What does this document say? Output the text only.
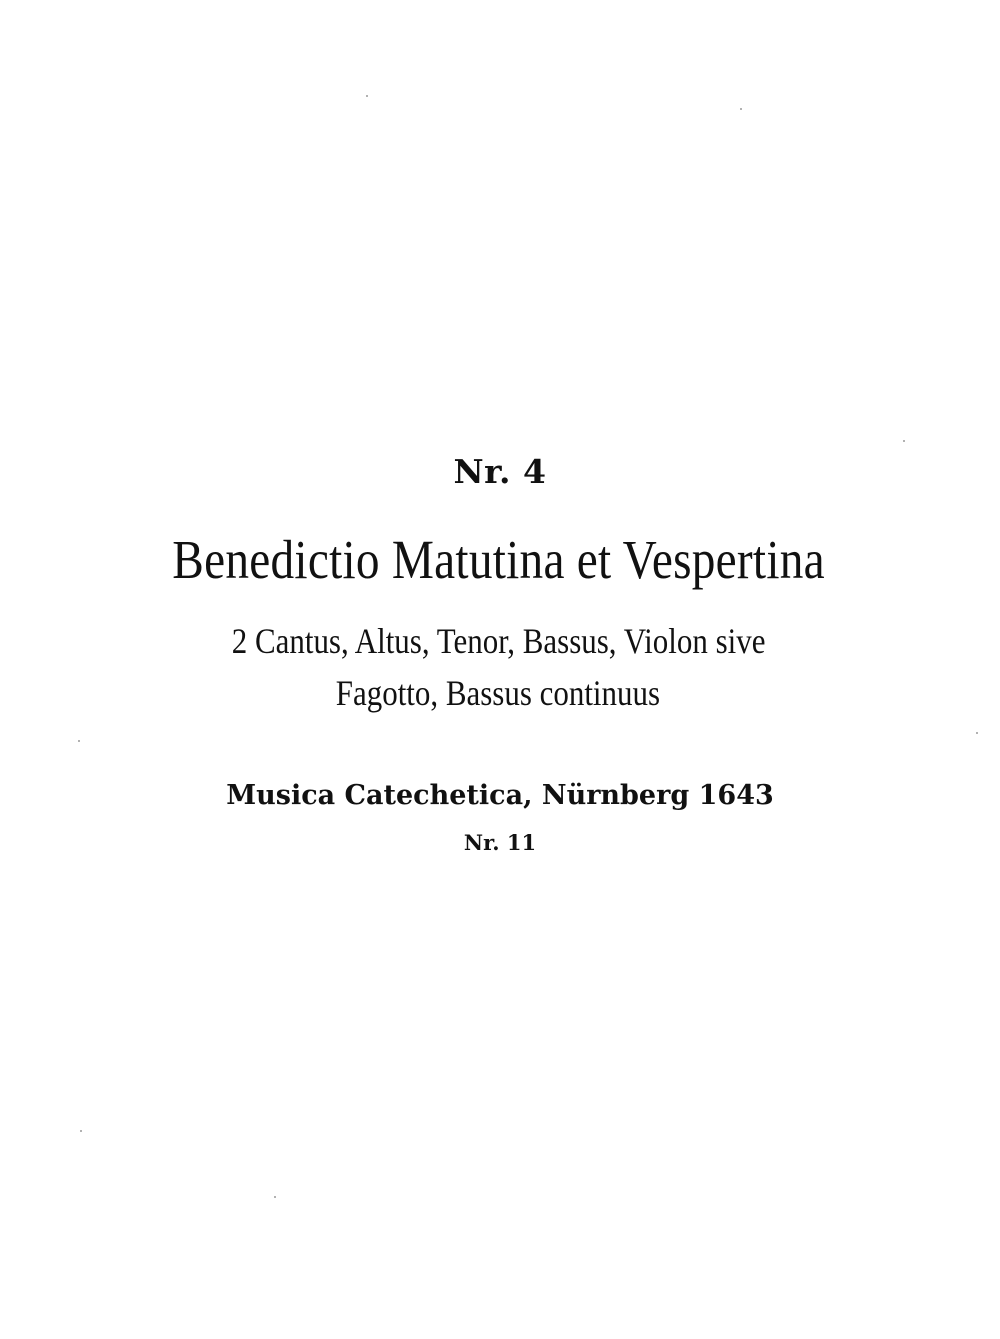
Nr. 4
Benedictio Matutina et Vespertina
2 Cantus, Altus, Tenor, Bassus, Violon sive
Fagotto, Bassus continuus
Musica Catechetica, Nürnberg 1643
Nr. 11
